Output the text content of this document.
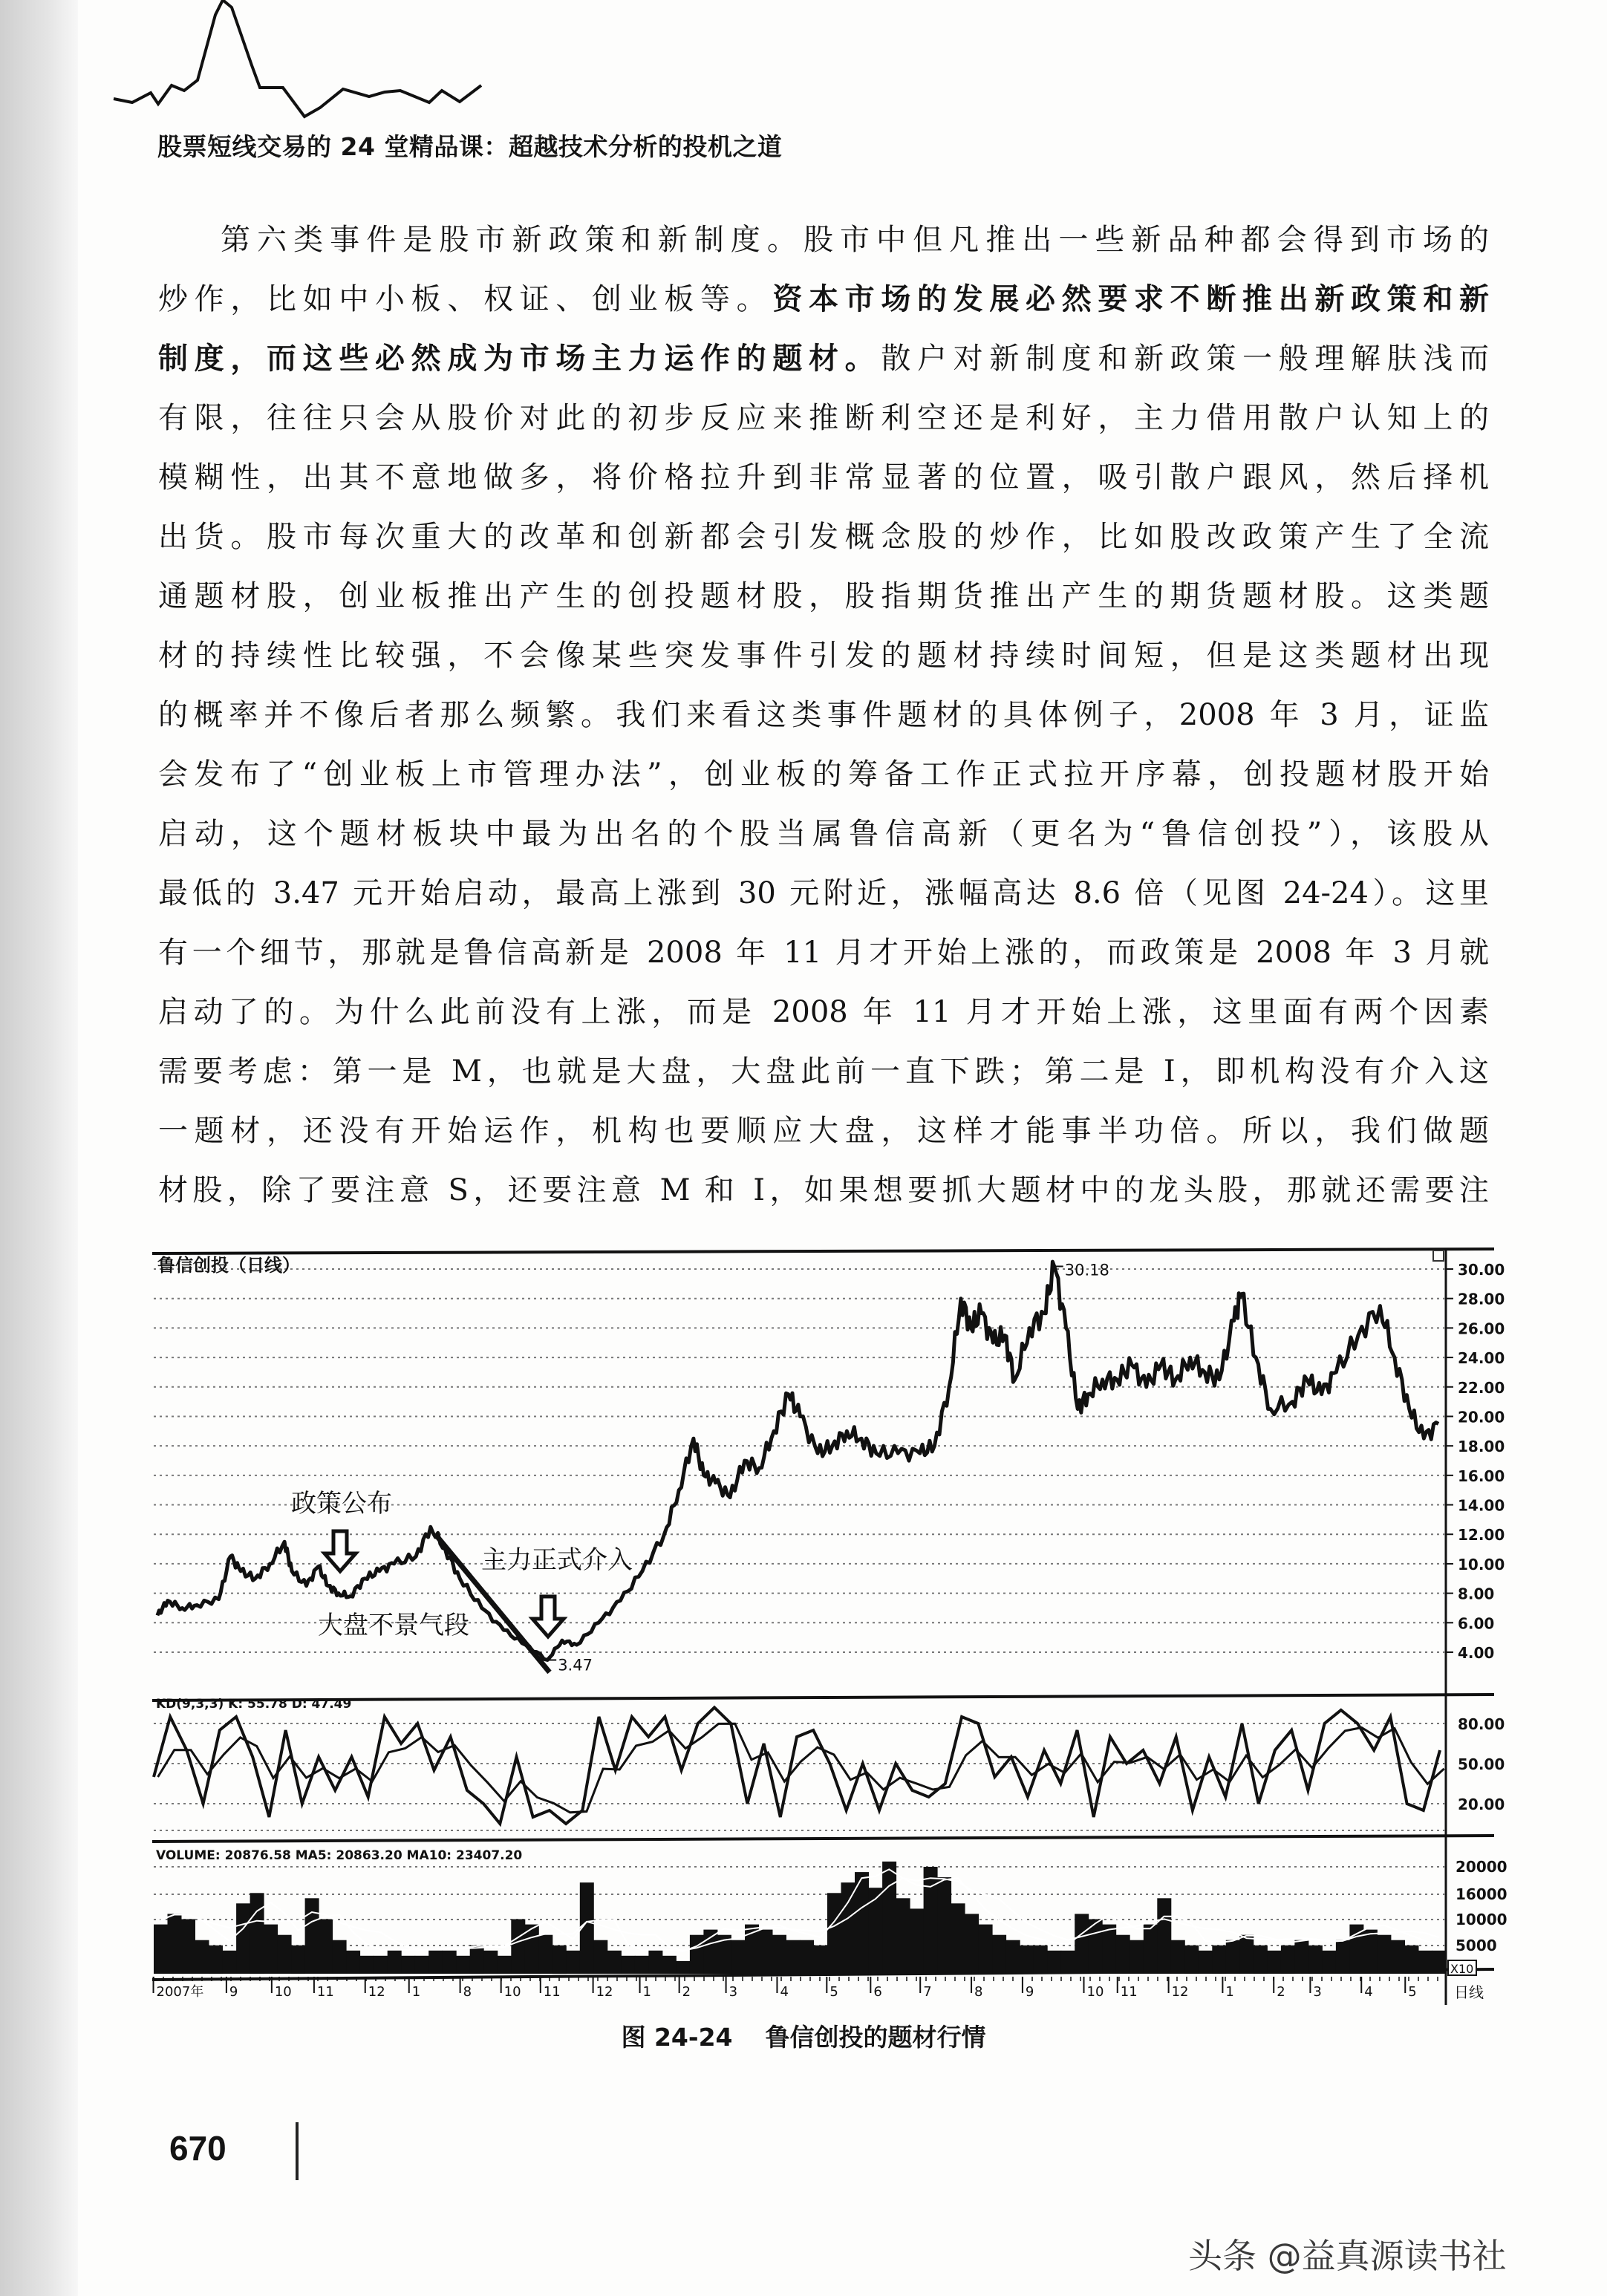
股票短线交易的 24 堂精品课：超越技术分析的投机之道
第六类事件是股市新政策和新制度。股市中但凡推出一些新品种都会得到市场的
炒作，比如中小板、权证、创业板等。资本市场的发展必然要求不断推出新政策和新
制度，而这些必然成为市场主力运作的题材。散户对新制度和新政策一般理解肤浅而
有限，往往只会从股价对此的初步反应来推断利空还是利好，主力借用散户认知上的
模糊性，出其不意地做多，将价格拉升到非常显著的位置，吸引散户跟风，然后择机
出货。股市每次重大的改革和创新都会引发概念股的炒作，比如股改政策产生了全流
通题材股，创业板推出产生的创投题材股，股指期货推出产生的期货题材股。这类题
材的持续性比较强，不会像某些突发事件引发的题材持续时间短，但是这类题材出现
的概率并不像后者那么频繁。我们来看这类事件题材的具体例子，2008 年 3 月，证监
会发布了“创业板上市管理办法”，创业板的筹备工作正式拉开序幕，创投题材股开始
启动，这个题材板块中最为出名的个股当属鲁信高新（更名为“鲁信创投”），该股从
最低的 3.47 元开始启动，最高上涨到 30 元附近，涨幅高达 8.6 倍（见图 24-24）。这里
有一个细节，那就是鲁信高新是 2008 年 11 月才开始上涨的，而政策是 2008 年 3 月就
启动了的。为什么此前没有上涨，而是 2008 年 11 月才开始上涨，这里面有两个因素
需要考虑：第一是 M，也就是大盘，大盘此前一直下跌；第二是 I，即机构没有介入这
一题材，还没有开始运作，机构也要顺应大盘，这样才能事半功倍。所以，我们做题
材股，除了要注意 S，还要注意 M 和 I，如果想要抓大题材中的龙头股，那就还需要注
30.00
28.00
26.00
24.00
22.00
20.00
18.00
16.00
14.00
12.00
10.00
8.00
6.00
4.00
鲁信创投（日线）	30.18
3.47
政策公布
主力正式介入
大盘不景气段
KD(9,3,3) K: 55.78 D: 47.49
80.00
50.00
20.00
VOLUME: 20876.58 MA5: 20863.20 MA10: 23407.20
20000
16000
10000
5000
X10
2007年 9	10 11	12 1	8 10 11	12 1 2	3	4	5	6	7	8	9	10 11	12	1	2 3	4	5	日线
图 24-24 鲁信创投的题材行情
670
头条 @益真源读书社
